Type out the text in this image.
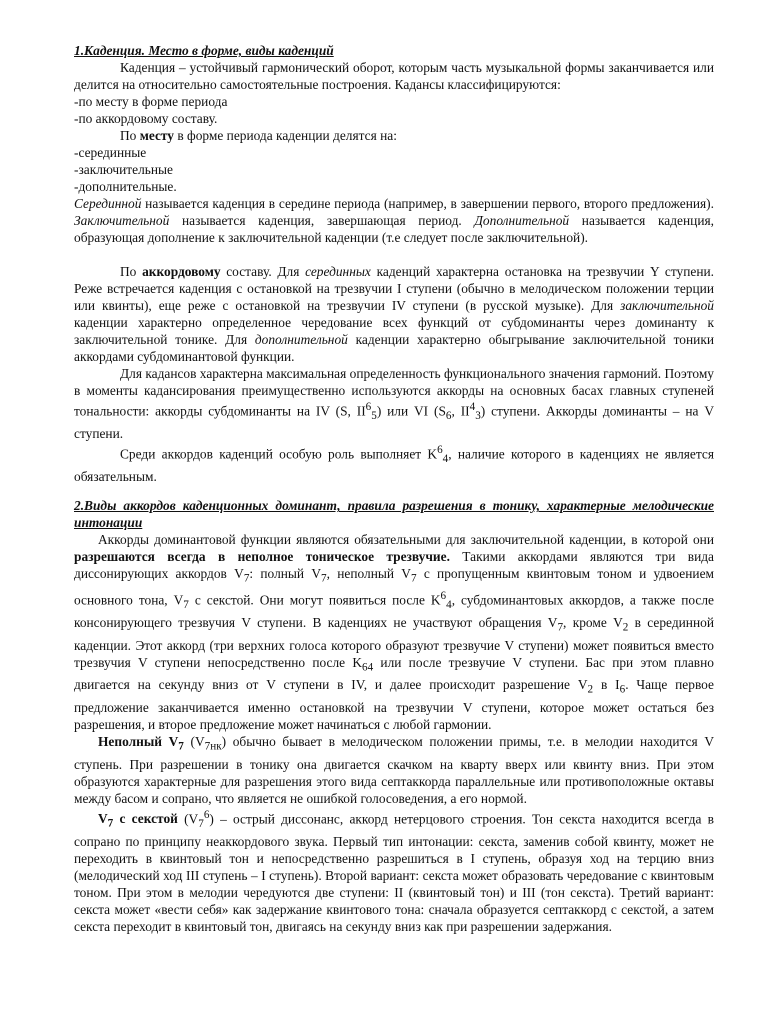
1.Каденция. Место в форме, виды каденций

Каденция – устойчивый гармонический оборот, которым часть музыкальной формы заканчивается или делится на относительно самостоятельные построения. Кадансы классифицируются:

-по месту в форме периода

-по аккордовому составу.

По месту в форме периода каденции делятся на:

-серединные

-заключительные

-дополнительные.

Серединной называется каденция в середине периода (например, в завершении первого, второго предложения). Заключительной называется каденция, завершающая период. Дополнительной называется каденция, образующая дополнение к заключительной каденции (т.е следует после заключительной).

По аккордовому составу. Для серединных каденций характерна остановка на трезвучии Y ступени. Реже встречается каденция с остановкой на трезвучии I ступени (обычно в мелодическом положении терции или квинты), еще реже с остановкой на трезвучии IV ступени (в русской музыке). Для заключительной каденции характерно определенное чередование всех функций от субдоминанты через доминанту к заключительной тонике. Для дополнительной каденции характерно обыгрывание заключительной тоники аккордами субдоминантовой функции.

Для кадансов характерна максимальная определенность функционального значения гармоний. Поэтому в моменты кадансирования преимущественно используются аккорды на основных басах главных ступеней тональности: аккорды субдоминанты на IV (S, $II^6_5$) или VI ($S_6$, $II^4_3$) ступени. Аккорды доминанты – на V ступени.

Среди аккордов каденций особую роль выполняет $K^6_4$, наличие которого в каденциях не является обязательным.

2.Виды аккордов каденционных доминант, правила разрешения в тонику, характерные мелодические интонации

Аккорды доминантовой функции являются обязательными для заключительной каденции, в которой они разрешаются всегда в неполное тоническое трезвучие. Такими аккордами являются три вида диссонирующих аккордов $V_7$: полный $V_7$, неполный $V_7$ с пропущенным квинтовым тоном и удвоением основного тона, $V_7$ с секстой. Они могут появиться после $K^6_4$, субдоминантовых аккордов, а также после консонирующего трезвучия V ступени. В каденциях не участвуют обращения $V_7$, кроме $V_2$ в серединной каденции. Этот аккорд (три верхних голоса которого образуют трезвучие V ступени) может появиться вместо трезвучия V ступени непосредственно после $K_{64}$ или после трезвучие V ступени. Бас при этом плавно двигается на секунду вниз от V ступени в IV, и далее происходит разрешение $V_2$ в $I_6$. Чаще первое предложение заканчивается именно остановкой на трезвучии V ступени, которое может остаться без разрешения, и второе предложение может начинаться с любой гармонии.

Неполный $V_7$ $(V_{7нк})$ обычно бывает в мелодическом положении примы, т.е. в мелодии находится V ступень. При разрешении в тонику она двигается скачком на кварту вверх или квинту вниз. При этом образуются характерные для разрешения этого вида септаккорда параллельные или противоположные октавы между басом и сопрано, что является не ошибкой голосоведения, а его нормой.

$V_7$ с секстой $(V_7^6)$ – острый диссонанс, аккорд нетерцового строения. Тон секста находится всегда в сопрано по принципу неаккордового звука. Первый тип интонации: секста, заменив собой квинту, может не переходить в квинтовый тон и непосредственно разрешиться в I ступень, образуя ход на терцию вниз (мелодический ход III ступень – I ступень). Второй вариант: секста может образовать чередование с квинтовым тоном. При этом в мелодии чередуются две ступени: II (квинтовый тон) и III (тон секста). Третий вариант: секста может «вести себя» как задержание квинтового тона: сначала образуется септаккорд с секстой, а затем секста переходит в квинтовый тон, двигаясь на секунду вниз как при разрешении задержания.
